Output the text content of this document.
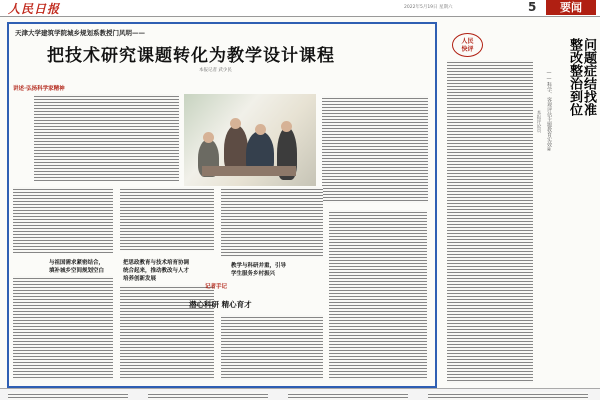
人民日报	2022年5月19日 星期六	5	要闻
天津大学建筑学院城乡规划系教授门风明——
把技术研究课题转化为教学设计课程
本报记者 武少民
讲述·弘扬科学家精神
与祖国需求紧密结合，
填补城乡空间规划空白
把思政教育与技术培育协调
统合起来，推动教改与人才
培养创新发展
教学与科研并重，引导
学生服务乡村振兴
记者手记
潜心科研 精心育才
人民
快评	问题症结找准
整改整治到位
——科学、客观评估主题教育实效④
本报评论员
